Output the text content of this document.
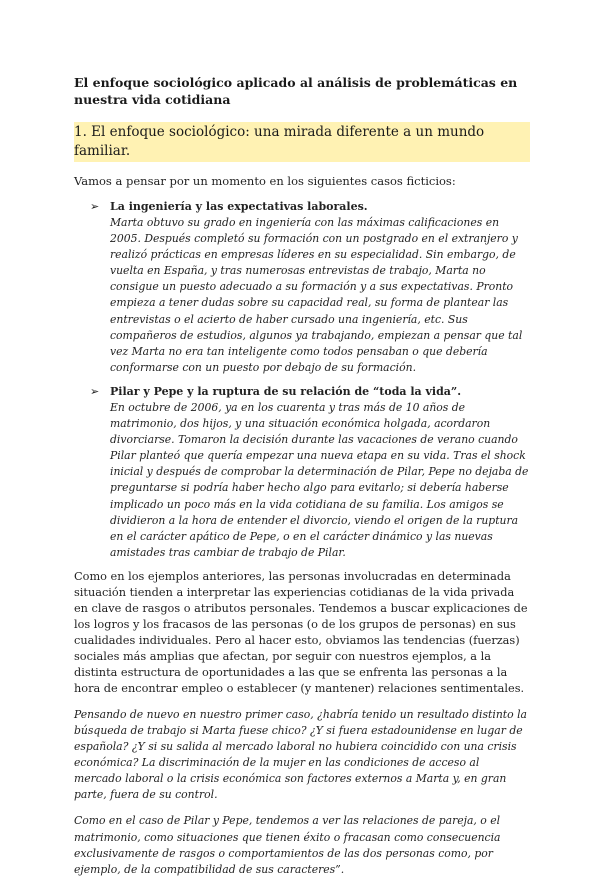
El enfoque sociológico aplicado al análisis de problemáticas en nuestra vida cotidiana
1. El enfoque sociológico: una mirada diferente a un mundo familiar.
Vamos a pensar por un momento en los siguientes casos ficticios:
➢ La ingeniería y las expectativas laborales.
Marta obtuvo su grado en ingeniería con las máximas calificaciones en 2005. Después completó su formación con un postgrado en el extranjero y realizó prácticas en empresas líderes en su especialidad. Sin embargo, de vuelta en España, y tras numerosas entrevistas de trabajo, Marta no consigue un puesto adecuado a su formación y a sus expectativas. Pronto empieza a tener dudas sobre su capacidad real, su forma de plantear las entrevistas o el acierto de haber cursado una ingeniería, etc. Sus compañeros de estudios, algunos ya trabajando, empiezan a pensar que tal vez Marta no era tan inteligente como todos pensaban o que debería conformarse con un puesto por debajo de su formación.
➢ Pilar y Pepe y la ruptura de su relación de “toda la vida”.
En octubre de 2006, ya en los cuarenta y tras más de 10 años de matrimonio, dos hijos, y una situación económica holgada, acordaron divorciarse. Tomaron la decisión durante las vacaciones de verano cuando Pilar planteó que quería empezar una nueva etapa en su vida. Tras el shock inicial y después de comprobar la determinación de Pilar, Pepe no dejaba de preguntarse si podría haber hecho algo para evitarlo; si debería haberse implicado un poco más en la vida cotidiana de su familia. Los amigos se dividieron a la hora de entender el divorcio, viendo el origen de la ruptura en el carácter apático de Pepe, o en el carácter dinámico y las nuevas amistades tras cambiar de trabajo de Pilar.
Como en los ejemplos anteriores, las personas involucradas en determinada situación tienden a interpretar las experiencias cotidianas de la vida privada en clave de rasgos o atributos personales. Tendemos a buscar explicaciones de los logros y los fracasos de las personas (o de los grupos de personas) en sus cualidades individuales. Pero al hacer esto, obviamos las tendencias (fuerzas) sociales más amplias que afectan, por seguir con nuestros ejemplos, a la distinta estructura de oportunidades a las que se enfrenta las personas a la hora de encontrar empleo o establecer (y mantener) relaciones sentimentales.
Pensando de nuevo en nuestro primer caso, ¿habría tenido un resultado distinto la búsqueda de trabajo si Marta fuese chico? ¿Y si fuera estadounidense en lugar de española? ¿Y si su salida al mercado laboral no hubiera coincidido con una crisis económica? La discriminación de la mujer en las condiciones de acceso al mercado laboral o la crisis económica son factores externos a Marta y, en gran parte, fuera de su control.
Como en el caso de Pilar y Pepe, tendemos a ver las relaciones de pareja, o el matrimonio, como situaciones que tienen éxito o fracasan como consecuencia exclusivamente de rasgos o comportamientos de las dos personas como, por ejemplo, de la compatibilidad de sus caracteres”.
